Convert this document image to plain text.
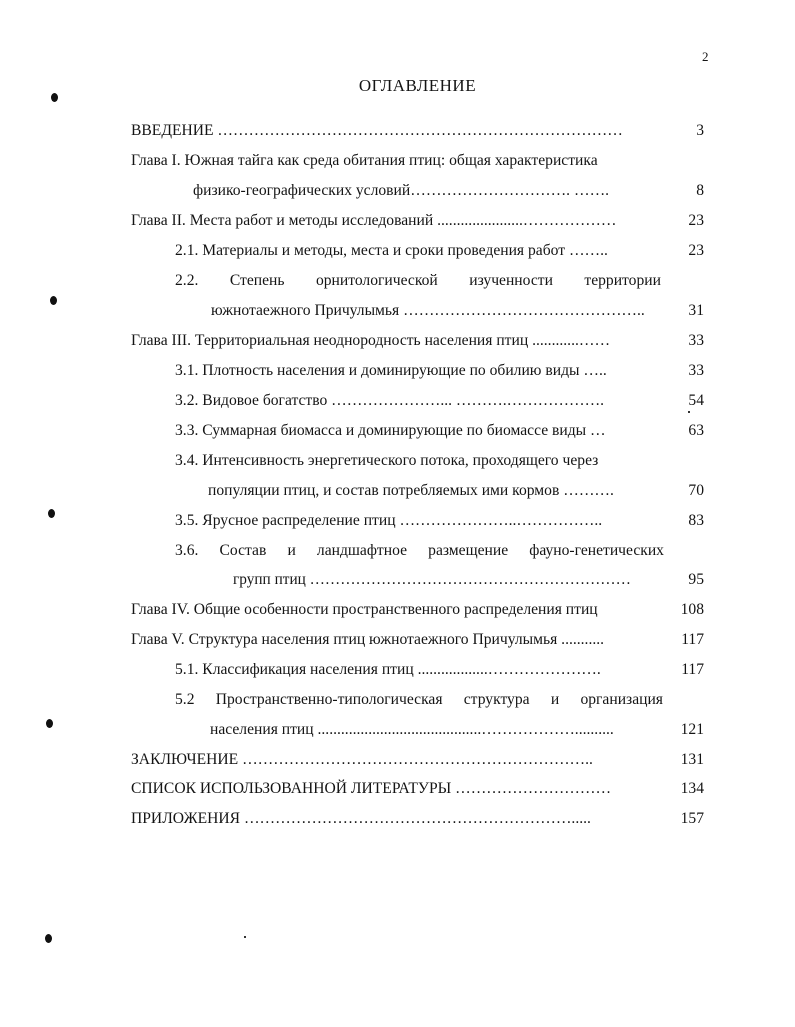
2
ОГЛАВЛЕНИЕ
ВВЕДЕНИЕ ……………………………………………………………………	3
Глава I. Южная тайга как среда обитания птиц: общая характеристика
физико-географических условий…………………………. …….	8
Глава II. Места работ и методы исследований ......................………………	23
2.1. Материалы и методы, места и сроки проведения работ ……..	23
2.2. Степень орнитологической изученности территории
южнотаежного Причулымья ………………………………………..	31
Глава III. Территориальная неоднородность населения птиц ............……	33
3.1. Плотность населения и доминирующие по обилию виды …..	33
3.2. Видовое богатство …………………... ……….……………….	54
3.3. Суммарная биомасса и доминирующие по биомассе виды …	63
3.4. Интенсивность энергетического потока, проходящего через
популяции птиц, и состав потребляемых ими кормов ……….	70
3.5. Ярусное распределение птиц …………………..……………..	83
3.6. Состав и ландшафтное размещение фауно-генетических
групп птиц ………………………………………………………	95
Глава IV. Общие особенности пространственного распределения птиц	108
Глава V. Структура населения птиц южнотаежного Причулымья ...........	117
5.1. Классификация населения птиц ..................………………….	117
5.2 Пространственно-типологическая структура и организация
населения птиц ..........................................………………..........	121
ЗАКЛЮЧЕНИЕ …………………………………………………………..	131
СПИСОК ИСПОЛЬЗОВАННОЙ ЛИТЕРАТУРЫ …………………………	134
ПРИЛОЖЕНИЯ ……………………………………………………….....	157
